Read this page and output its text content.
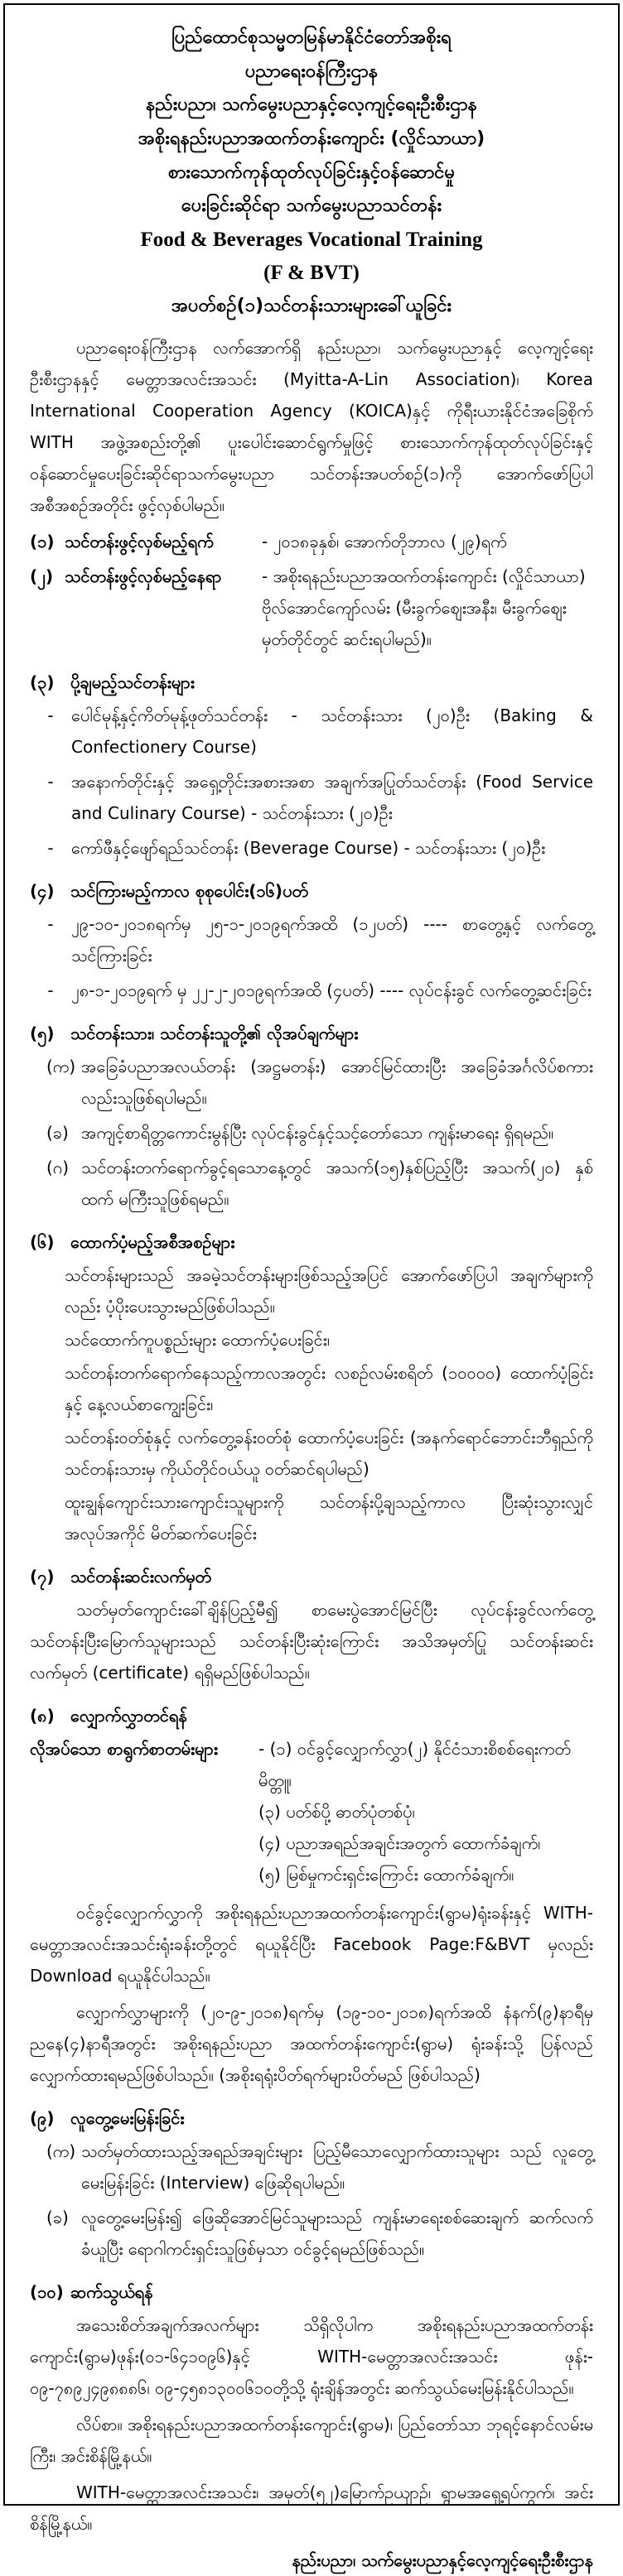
ပြည်ထောင်စုသမ္မတမြန်မာနိုင်ငံတော်အစိုးရ
ပညာရေးဝန်ကြီးဌာန
နည်းပညာ၊ သက်မွေးပညာနှင့်လေ့ကျင့်ရေးဦးစီးဌာန
အစိုးရနည်းပညာအထက်တန်းကျောင်း (လှိုင်သာယာ)
စားသောက်ကုန်ထုတ်လုပ်ခြင်းနှင့်ဝန်ဆောင်မှု
ပေးခြင်းဆိုင်ရာ သက်မွေးပညာသင်တန်း
Food & Beverages Vocational Training
(F & BVT)
အပတ်စဉ်(၁)သင်တန်းသားများခေါ်ယူခြင်း

ပညာရေးဝန်ကြီးဌာန လက်အောက်ရှိ နည်းပညာ၊ သက်မွေးပညာနှင့် လေ့ကျင့်ရေးဦးစီးဌာနနှင့် မေတ္တာအလင်းအသင်း (Myitta-A-Lin Association)၊ Korea International Cooperation Agency (KOICA)နှင့် ကိုရီးယားနိုင်ငံအခြေစိုက် WITH အဖွဲ့အစည်းတို့၏ ပူးပေါင်းဆောင်ရွက်မှုဖြင့် စားသောက်ကုန်ထုတ်လုပ်ခြင်းနှင့် ဝန်ဆောင်မှုပေးခြင်းဆိုင်ရာသက်မွေးပညာ သင်တန်းအပတ်စဉ်(၁)ကို အောက်ဖော်ပြပါ အစီအစဉ်အတိုင်း ဖွင့်လှစ်ပါမည်။

(၁) သင်တန်းဖွင့်လှစ်မည့်ရက်	- ၂၀၁၈ခုနှစ်၊ အောက်တိုဘာလ (၂၉)ရက်
(၂) သင်တန်းဖွင့်လှစ်မည့်နေရာ	- အစိုးရနည်းပညာအထက်တန်းကျောင်း (လှိုင်သာယာ) ဗိုလ်အောင်ကျော်လမ်း (မီးခွက်စျေးအနီး၊ မီးခွက်စျေးမှတ်တိုင်တွင် ဆင်းရပါမည်)။
(၃) ပို့ချမည့်သင်တန်းများ
-	ပေါင်မုန့်နှင့်ကိတ်မုန့်ဖုတ်သင်တန်း - သင်တန်းသား (၂၀)ဦး (Baking & Confectionery Course)
-	အနောက်တိုင်းနှင့် အရှေ့တိုင်းအစားအစာ အချက်အပြုတ်သင်တန်း (Food Service and Culinary Course) - သင်တန်းသား (၂၀)ဦး
-	ကော်ဖီနှင့်ဖျော်ရည်သင်တန်း (Beverage Course) - သင်တန်းသား (၂၀)ဦး
(၄) သင်ကြားမည့်ကာလ စုစုပေါင်း(၁၆)ပတ်
-	၂၉-၁၀-၂၀၁၈ရက်မှ ၂၅-၁-၂၀၁၉ရက်အထိ (၁၂ပတ်) ---- စာတွေ့နှင့် လက်တွေ့ သင်ကြားခြင်း
-	၂၈-၁-၂၀၁၉ရက် မှ ၂၂-၂-၂၀၁၉ရက်အထိ (၄ပတ်) ---- လုပ်ငန်းခွင် လက်တွေ့ဆင်းခြင်း
(၅) သင်တန်းသား၊ သင်တန်းသူတို့၏ လိုအပ်ချက်များ
(က) အခြေခံပညာအလယ်တန်း (အဋ္ဌမတန်း) အောင်မြင်ထားပြီး အခြေခံအင်္ဂလိပ်စကားလည်းသူဖြစ်ရပါမည်။
(ခ) အကျင့်စာရိတ္တကောင်းမွန်ပြီး လုပ်ငန်းခွင်နှင့်သင့်တော်သော ကျန်းမာရေး ရှိရမည်။
(ဂ) သင်တန်းတက်ရောက်ခွင့်ရသောနေ့တွင် အသက်(၁၅)နှစ်ပြည့်ပြီး အသက်(၂၀) နှစ်ထက် မကြီးသူဖြစ်ရမည်။
(၆) ထောက်ပံ့မည့်အစီအစဉ်များ
သင်တန်းများသည် အခမဲ့သင်တန်းများဖြစ်သည့်အပြင် အောက်ဖော်ပြပါ အချက်များကိုလည်း ပံ့ပိုးပေးသွားမည်ဖြစ်ပါသည်။
သင်ထောက်ကူပစ္စည်းများ ထောက်ပံ့ပေးခြင်း၊
သင်တန်းတက်ရောက်နေသည့်ကာလအတွင်း လစဉ်လမ်းစရိတ် (၁၀၀၀၀) ထောက်ပံ့ခြင်းနှင့် နေ့လယ်စာကျွေးခြင်း၊
သင်တန်းဝတ်စုံနှင့် လက်တွေ့ခန်းဝတ်စုံ ထောက်ပံ့ပေးခြင်း (အနက်ရောင်ဘောင်းဘီရှည်ကို သင်တန်းသားမှ ကိုယ်တိုင်ဝယ်ယူ ဝတ်ဆင်ရပါမည်)
ထူးချွန်ကျောင်းသားကျောင်းသူများကို သင်တန်းပို့ချသည့်ကာလ ပြီးဆုံးသွားလျှင် အလုပ်အကိုင် မိတ်ဆက်ပေးခြင်း
(၇) သင်တန်းဆင်းလက်မှတ်

သတ်မှတ်ကျောင်းခေါ်ချိန်ပြည့်မီ၍ စာမေးပွဲအောင်မြင်ပြီး လုပ်ငန်းခွင်လက်တွေ့ သင်တန်းပြီးမြောက်သူများသည် သင်တန်းပြီးဆုံးကြောင်း အသိအမှတ်ပြု သင်တန်းဆင်း လက်မှတ် (certificate) ရရှိမည်ဖြစ်ပါသည်။

(၈) လျှောက်လွှာတင်ရန်
လိုအပ်သော စာရွက်စာတမ်းများ	- (၁) ဝင်ခွင့်လျှောက်လွှာ(၂) နိုင်ငံသားစိစစ်ရေးကတ်မိတ္တူ၊
(၃) ပတ်စ်ပို့ ဓာတ်ပုံတစ်ပုံ၊
(၄) ပညာအရည်အချင်းအတွက် ထောက်ခံချက်၊
(၅) မြစ်မှုကင်းရှင်းကြောင်း ထောက်ခံချက်။

ဝင်ခွင့်လျှောက်လွှာကို အစိုးရနည်းပညာအထက်တန်းကျောင်း(ရွာမ)ရုံးခန်းနှင့် WITH-မေတ္တာအလင်းအသင်းရုံးခန်းတို့တွင် ရယူနိုင်ပြီး Facebook Page:F&BVT မှလည်း Download ရယူနိုင်ပါသည်။

လျှောက်လွှာများကို (၂၀-၉-၂၀၁၈)ရက်မှ (၁၉-၁၀-၂၀၁၈)ရက်အထိ နံနက်(၉)နာရီမှ ညနေ(၄)နာရီအတွင်း အစိုးရနည်းပညာ အထက်တန်းကျောင်း(ရွာမ) ရုံးခန်းသို့ ပြန်လည်လျှောက်ထားရမည်ဖြစ်ပါသည်။ (အစိုးရရုံးပိတ်ရက်များပိတ်မည် ဖြစ်ပါသည်)

(၉) လူတွေ့မေးမြန်းခြင်း
(က) သတ်မှတ်ထားသည့်အရည်အချင်းများ ပြည့်မီသောလျှောက်ထားသူများ သည် လူတွေ့မေးမြန်းခြင်း (Interview) ဖြေဆိုရပါမည်။
(ခ) လူတွေ့မေးမြန်း၍ ဖြေဆိုအောင်မြင်သူများသည် ကျန်းမာရေးစစ်ဆေးချက် ဆက်လက်ခံယူပြီး ရောဂါကင်းရှင်းသူဖြစ်မှသာ ဝင်ခွင့်ရမည်ဖြစ်သည်။
(၁၀) ဆက်သွယ်ရန်

အသေးစိတ်အချက်အလက်များ သိရှိလိုပါက အစိုးရနည်းပညာအထက်တန်း ကျောင်း(ရွာမ)ဖုန်း(၀၁-၆၄၁၀၉၆)နှင့် WITH-မေတ္တာအလင်းအသင်း ဖုန်း- ၀၉-၇၈၉၂၄၉၈၈၈၆၊ ၀၉-၄၅၈၁၃၀၀၆၁၀တို့သို့ ရုံးချိန်အတွင်း ဆက်သွယ်မေးမြန်းနိုင်ပါသည်။

လိပ်စာ။ အစိုးရနည်းပညာအထက်တန်းကျောင်း(ရွာမ)၊ ပြည်တော်သာ ဘုရင့်နောင်လမ်းမကြီး၊ အင်းစိန်မြို့နယ်။

WITH-မေတ္တာအလင်းအသင်း၊ အမှတ်(၅၂)မြောက်ဥယျာဉ်၊ ရွာမအရှေ့ရပ်ကွက်၊ အင်းစိန်မြို့နယ်။

နည်းပညာ၊ သက်မွေးပညာနှင့်လေ့ကျင့်ရေးဦးစီးဌာန
